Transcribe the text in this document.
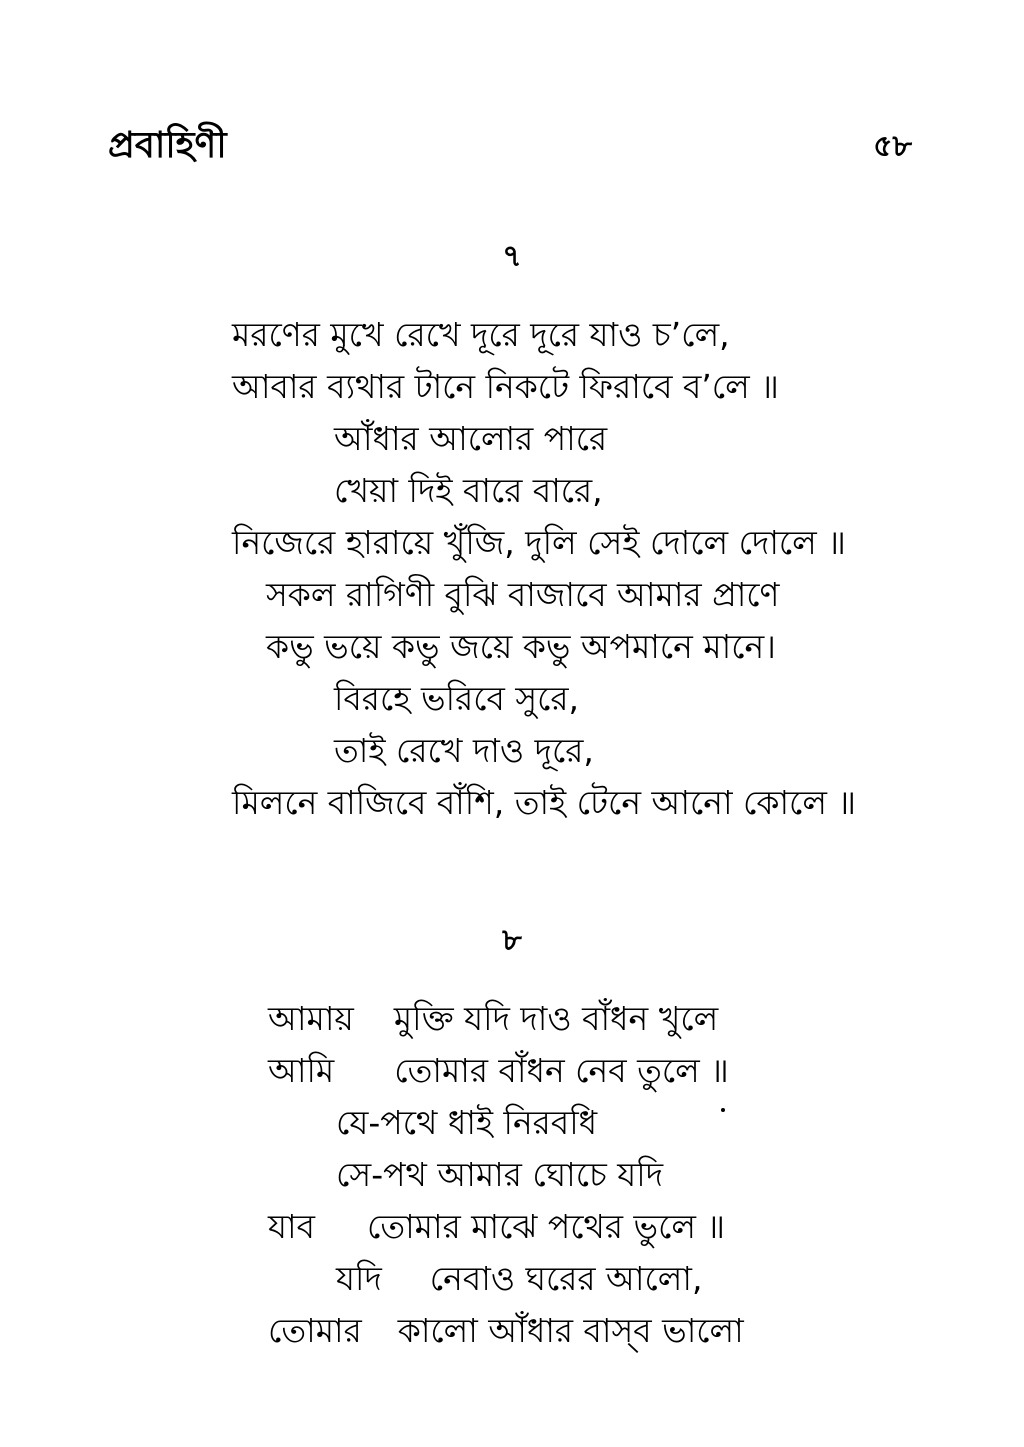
প্রবাহিণী	৫৮
৭
মরণের মুখে রেখে দূরে দূরে যাও চ’লে,
আবার ব্যথার টানে নিকটে ফিরাবে ব’লে ॥
আঁধার আলোর পারে
খেয়া দিই বারে বারে,
নিজেরে হারায়ে খুঁজি, দুলি সেই দোলে দোলে ॥
সকল রাগিণী বুঝি বাজাবে আমার প্রাণে
কভু ভয়ে কভু জয়ে কভু অপমানে মানে।
বিরহে ভরিবে সুরে,
তাই রেখে দাও দূরে,
মিলনে বাজিবে বাঁশি, তাই টেনে আনো কোলে ॥
৮
আমায় মুক্তি যদি দাও বাঁধন খুলে
আমি তোমার বাঁধন নেব তুলে ॥
যে-পথে ধাই নিরবধি
সে-পথ আমার ঘোচে যদি
যাব তোমার মাঝে পথের ভুলে ॥
যদি নেবাও ঘরের আলো,
তোমার কালো আঁধার বাস্‌ব ভালো
